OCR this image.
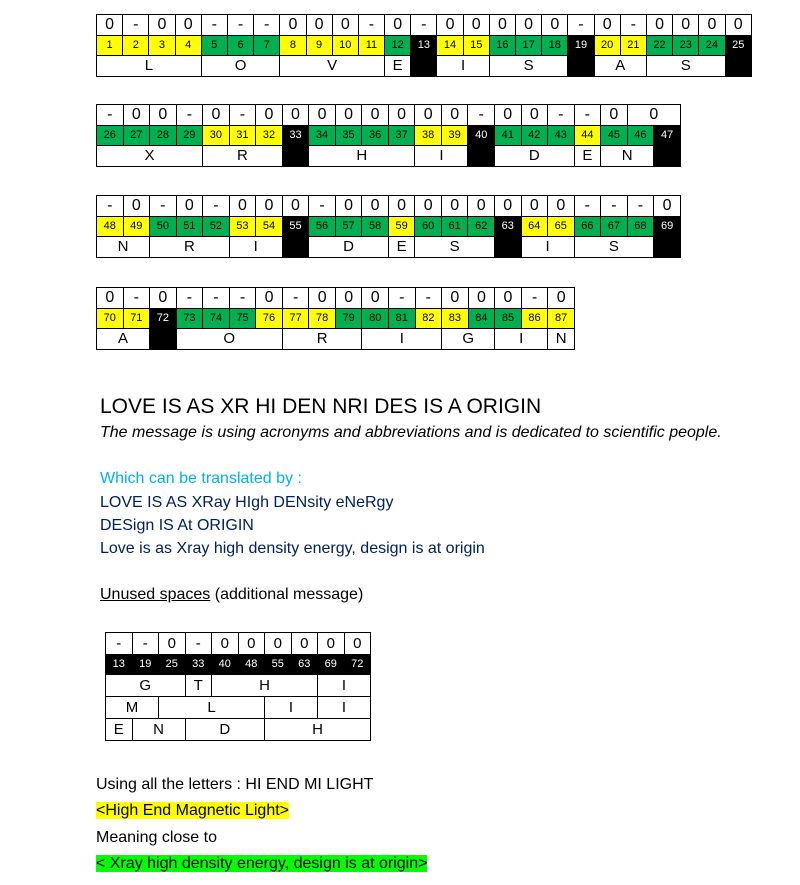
0	-	0	0	-	-	-	0	0	0	-	0	-	0	0	0	0	0	-	0	-	0	0	0	0
1	2	3	4	5	6	7	8	9	10	11	12	13	14	15	16	17	18	19	20	21	22	23	24	25
L				O			V				E		I		S				A		S			
-	0	0	-	0	-	0	0	0	0	0	0	0	0	-	0	0	-	-	0	0	
26	27	28	29	30	31	32	33	34	35	36	37	38	39	40	41	42	43	44	45	46	47
X				R				H				I			D			E	N		
-	0	-	0	-	0	0	0	-	0	0	0	0	0	0	0	0	0	-	-	-	0
48	49	50	51	52	53	54	55	56	57	58	59	60	61	62	63	64	65	66	67	68	69
N		R			I			D			E	S				I		S			
0	-	0	-	-	-	0	-	0	0	0	-	-	0	0	0	-	0
70	71	72	73	74	75	76	77	78	79	80	81	82	83	84	85	86	87
A			O				R			I			G		I		N
LOVE IS AS XR HI DEN NRI DES IS A ORIGIN
The message is using acronyms and abbreviations and is dedicated to scientific people.
Which can be translated by :
LOVE IS AS XRay HIgh DENsity eNeRgy
DESign IS At ORIGIN
Love is as Xray high density energy, design is at origin
Unused spaces (additional message)
-	-	0	-	0	0	0	0	0	0
13	19	25	33	40	48	55	63	69	72
G			T	H				I	
M		L				I		I	
E	N		D			H			
Using all the letters : HI END MI LIGHT
<High End Magnetic Light>
Meaning close to
< Xray high density energy, design is at origin>
